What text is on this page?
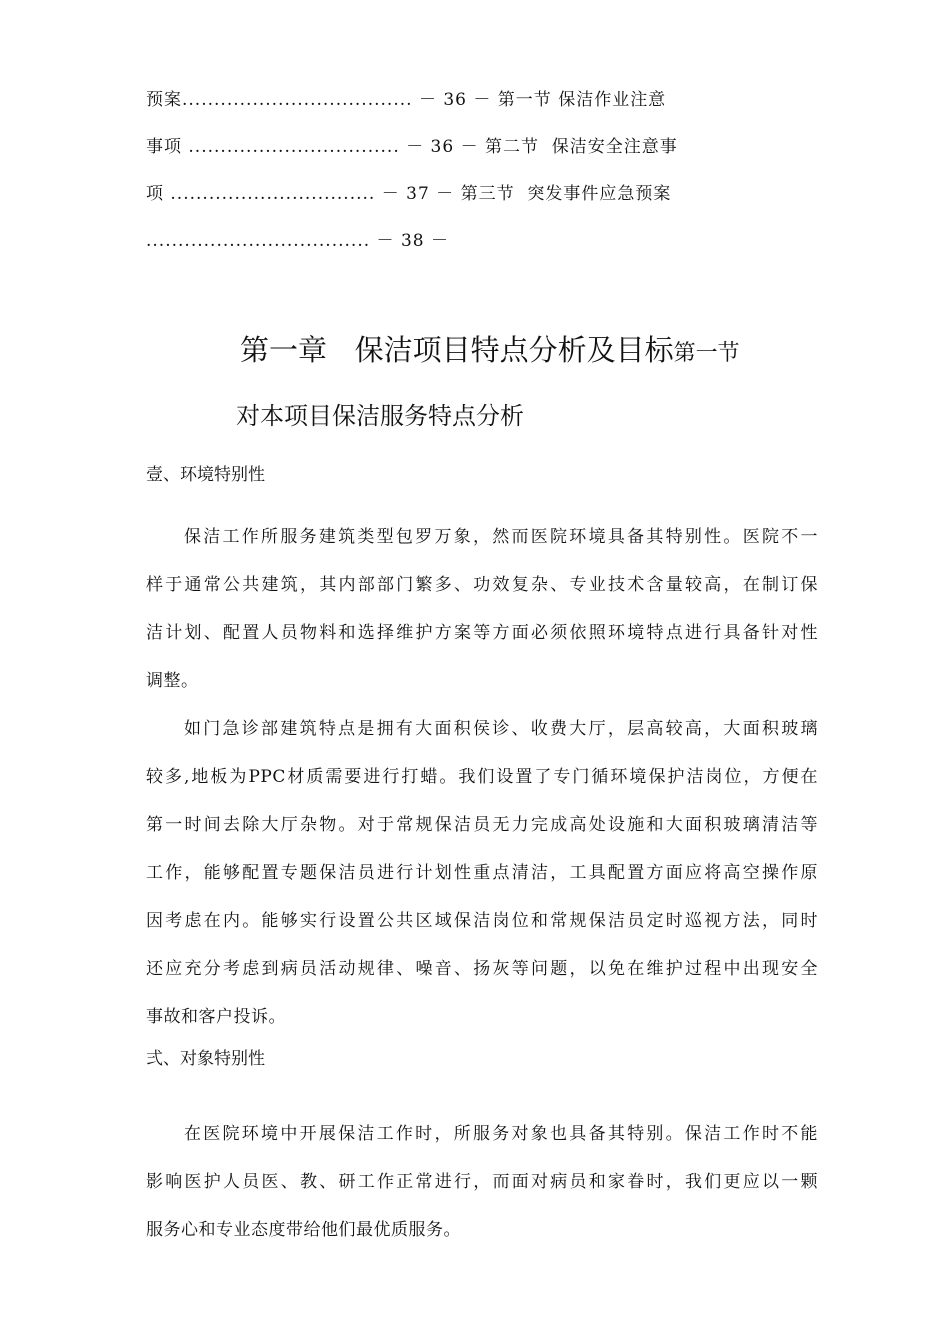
预案.................................... － 36 － 第一节 保洁作业注意
事项 ................................. － 36 － 第二节  保洁安全注意事
项 ................................ － 37 － 第三节  突发事件应急预案
................................... － 38 －
第一章   保洁项目特点分析及目标第一节
对本项目保洁服务特点分析
壹、环境特别性
保洁工作所服务建筑类型包罗万象，然而医院环境具备其特别性。医院不一
样于通常公共建筑，其内部部门繁多、功效复杂、专业技术含量较高，在制订保
洁计划、配置人员物料和选择维护方案等方面必须依照环境特点进行具备针对性
调整。
如门急诊部建筑特点是拥有大面积侯诊、收费大厅，层高较高，大面积玻璃
较多,地板为PPC材质需要进行打蜡。我们设置了专门循环境保护洁岗位，方便在
第一时间去除大厅杂物。对于常规保洁员无力完成高处设施和大面积玻璃清洁等
工作，能够配置专题保洁员进行计划性重点清洁，工具配置方面应将高空操作原
因考虑在内。能够实行设置公共区域保洁岗位和常规保洁员定时巡视方法，同时
还应充分考虑到病员活动规律、噪音、扬灰等问题，以免在维护过程中出现安全
事故和客户投诉。
弍、对象特别性
在医院环境中开展保洁工作时，所服务对象也具备其特别。保洁工作时不能
影响医护人员医、教、研工作正常进行，而面对病员和家眷时，我们更应以一颗
服务心和专业态度带给他们最优质服务。
